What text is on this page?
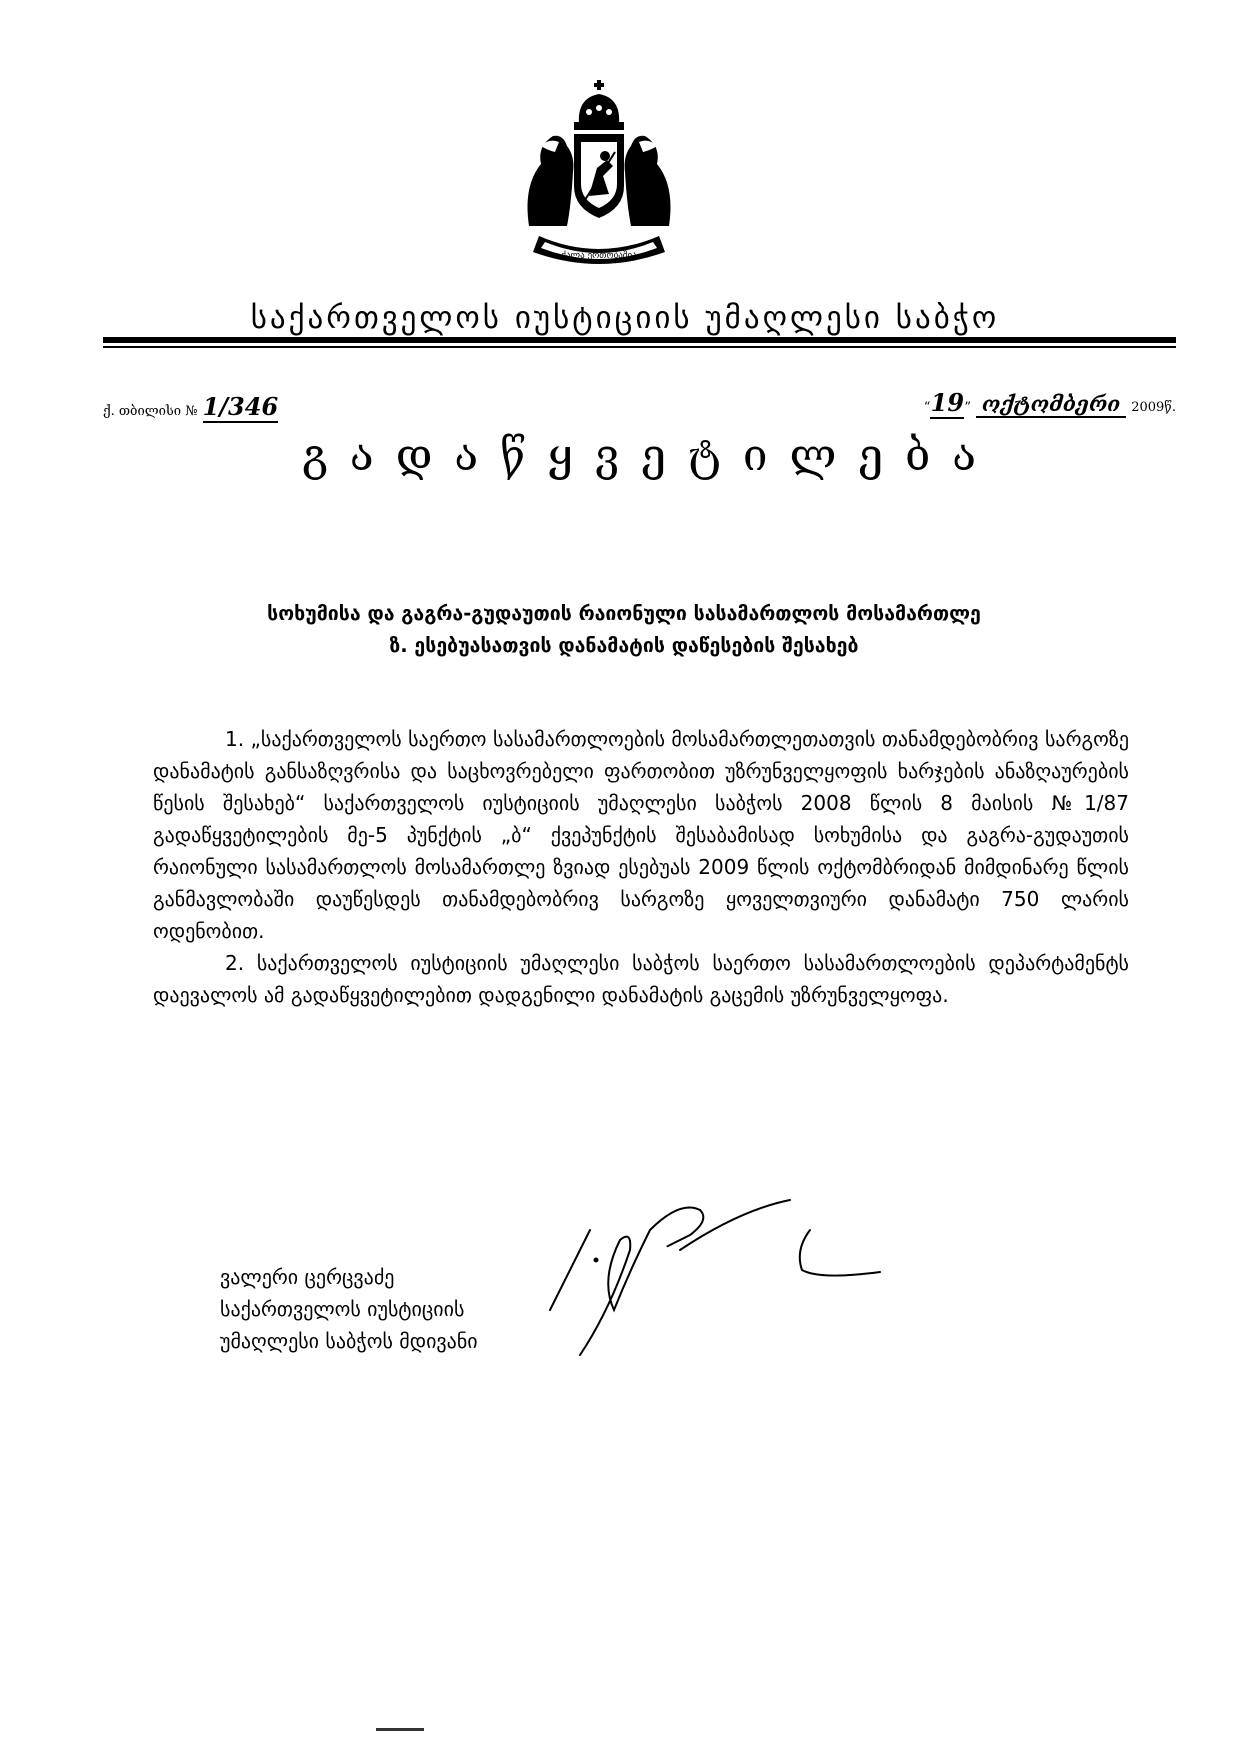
ძალა ერთობაშია
საქართველოს იუსტიციის უმაღლესი საბჭო
ქ. თბილისი № 1/346	“19” ოქტომბერი 2009წ.
გადაწყვეტილება
სოხუმისა და გაგრა-გუდაუთის რაიონული სასამართლოს მოსამართლე
ზ. ესებუასათვის დანამატის დაწესების შესახებ

1. „საქართველოს საერთო სასამართლოების მოსამართლეთათვის თანამდებობრივ სარგოზე დანამატის განსაზღვრისა და საცხოვრებელი ფართობით უზრუნველყოფის ხარჯების ანაზღაურების წესის შესახებ“ საქართველოს იუსტიციის უმაღლესი საბჭოს 2008 წლის 8 მაისის №1/87 გადაწყვეტილების მე-5 პუნქტის „ბ“ ქვეპუნქტის შესაბამისად სოხუმისა და გაგრა-გუდაუთის რაიონული სასამართლოს მოსამართლე ზვიად ესებუას 2009 წლის ოქტომბრიდან მიმდინარე წლის განმავლობაში დაუწესდეს თანამდებობრივ სარგოზე ყოველთვიური დანამატი 750 ლარის ოდენობით.

2. საქართველოს იუსტიციის უმაღლესი საბჭოს საერთო სასამართლოების დეპარტამენტს დაევალოს ამ გადაწყვეტილებით დადგენილი დანამატის გაცემის უზრუნველყოფა.

ვალერი ცერცვაძე
საქართველოს იუსტიციის
უმაღლესი საბჭოს მდივანი
